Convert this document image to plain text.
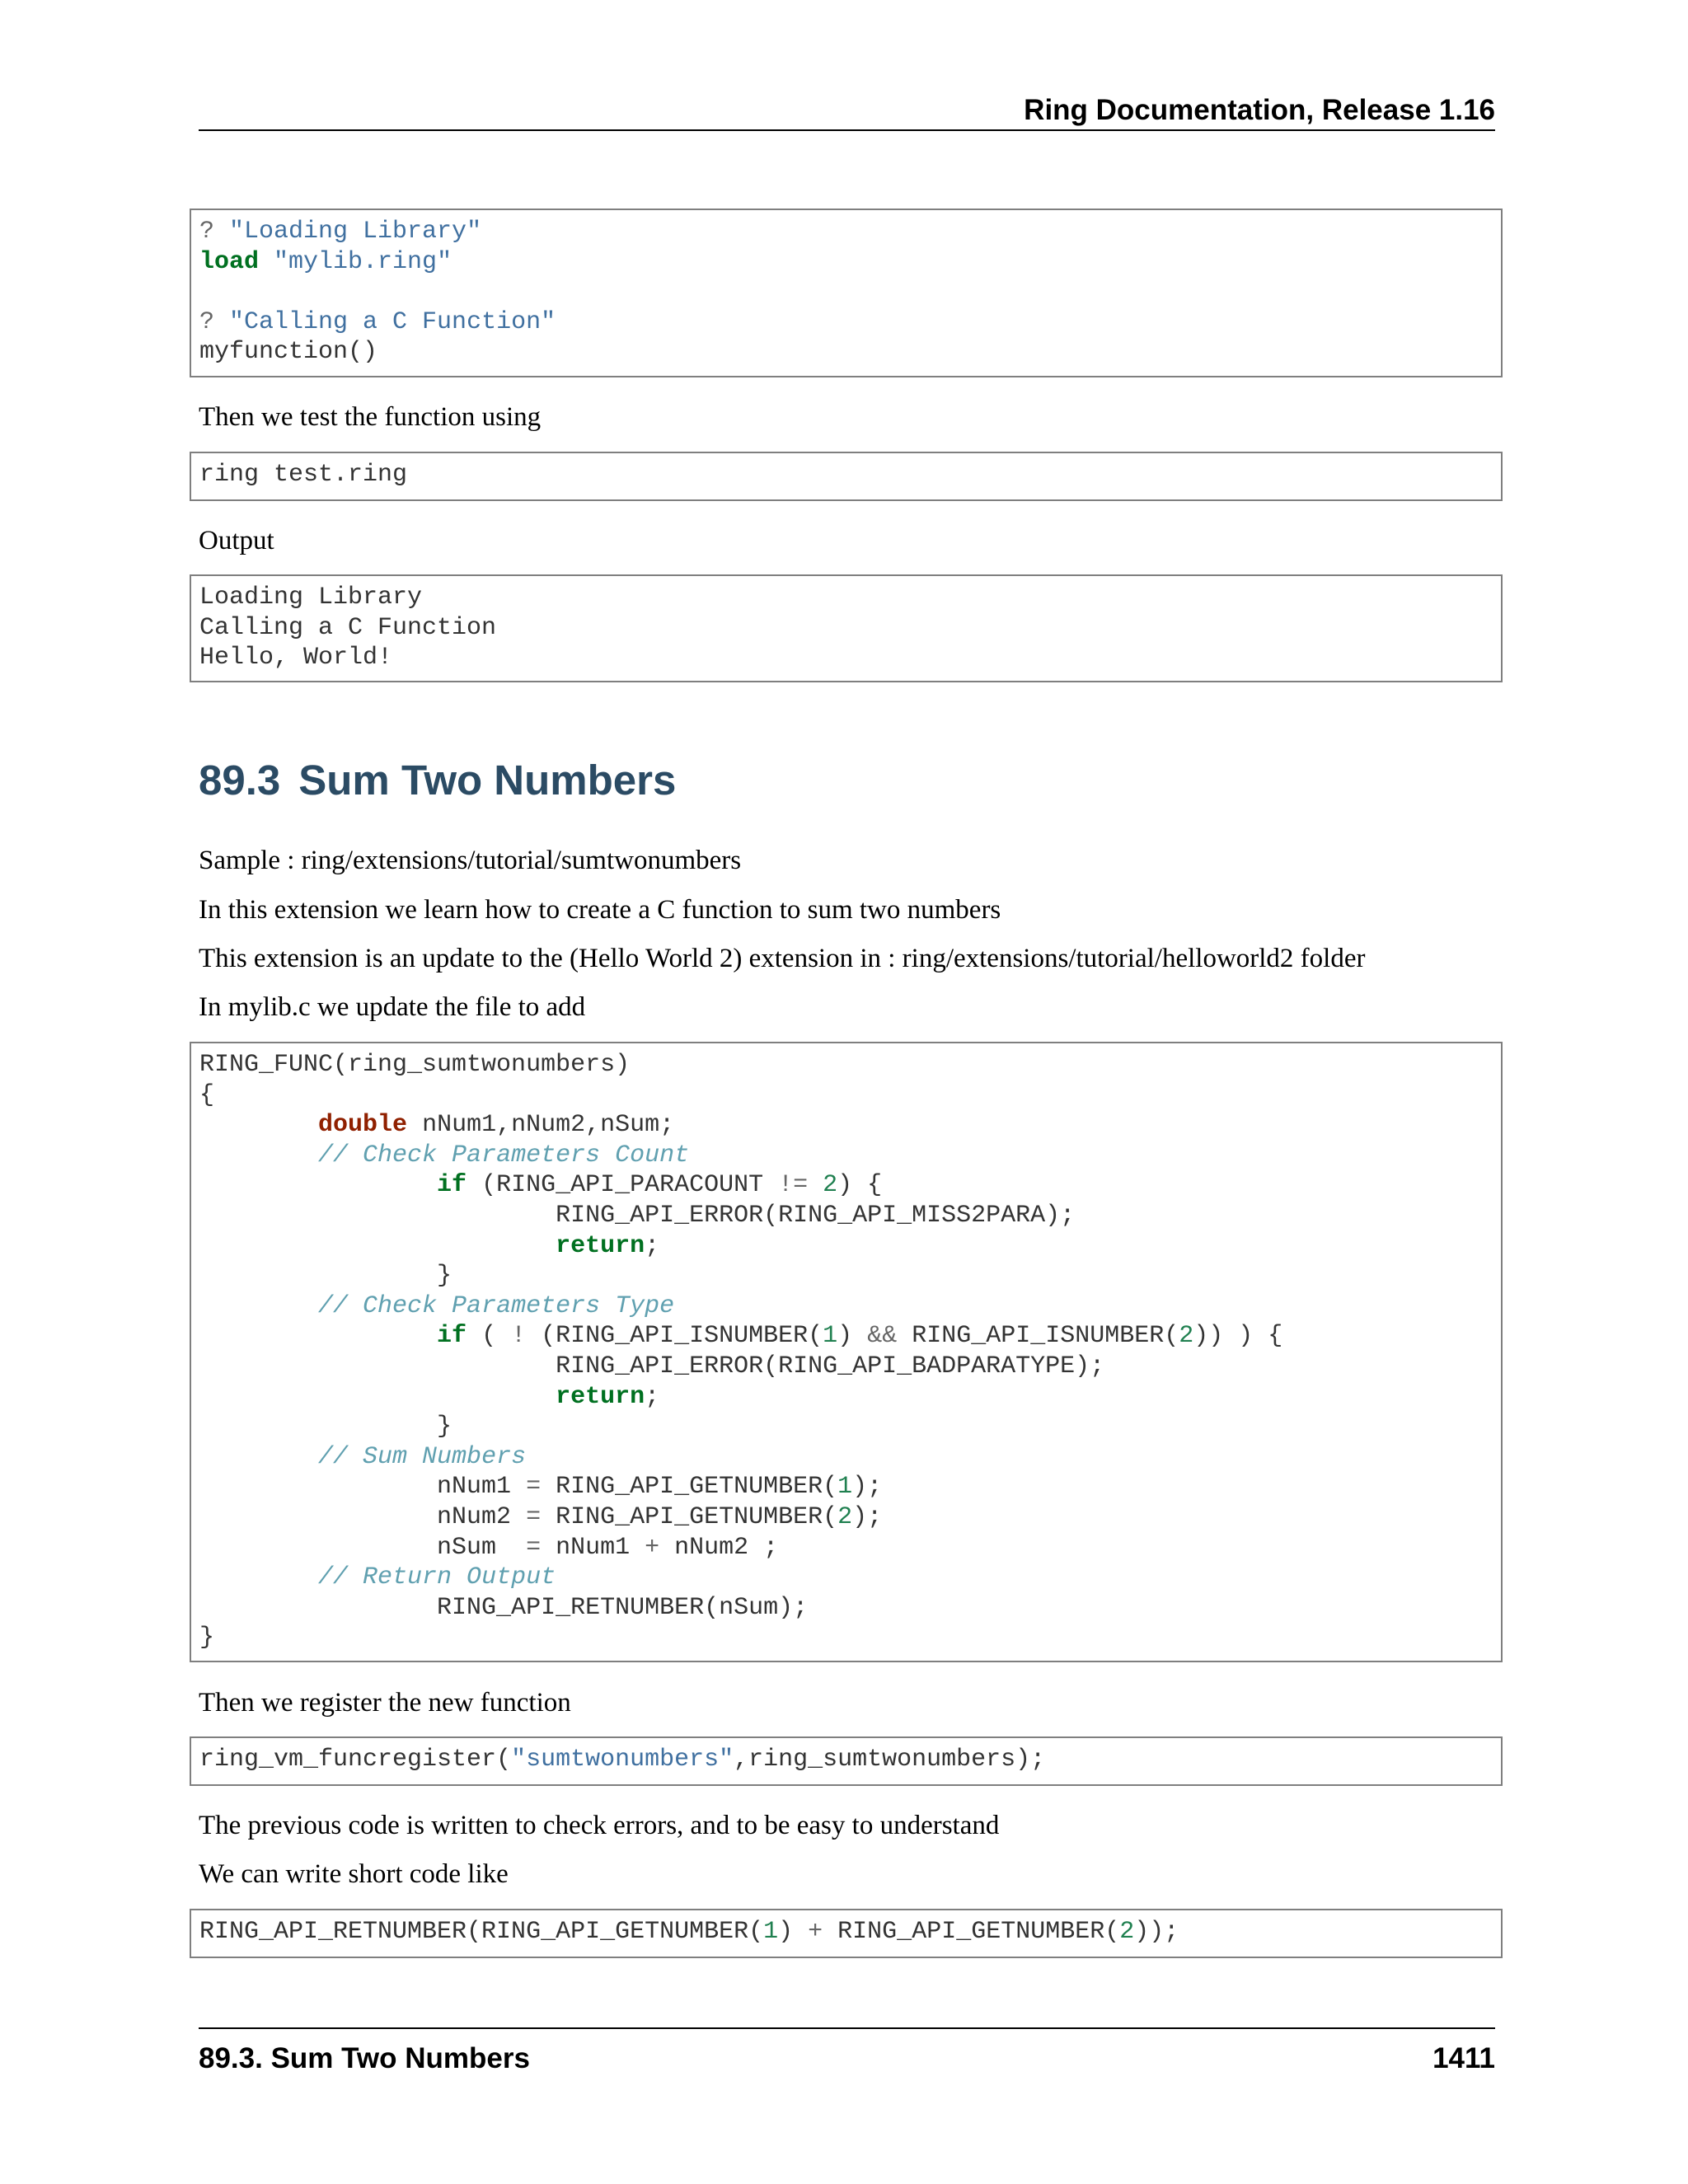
Ring Documentation, Release 1.16
? "Loading Library"
load "mylib.ring"
? "Calling a C Function"
myfunction()
Then we test the function using
ring test.ring
Output
Loading Library
Calling a C Function
Hello, World!
89.3 Sum Two Numbers
Sample : ring/extensions/tutorial/sumtwonumbers
In this extension we learn how to create a C function to sum two numbers
This extension is an update to the (Hello World 2) extension in : ring/extensions/tutorial/helloworld2 folder
In mylib.c we update the file to add
RING_FUNC(ring_sumtwonumbers)
{
double nNum1,nNum2,nSum;
// Check Parameters Count
if (RING_API_PARACOUNT != 2) {
RING_API_ERROR(RING_API_MISS2PARA);
return;
}
// Check Parameters Type
if ( ! (RING_API_ISNUMBER(1) && RING_API_ISNUMBER(2)) ) {
RING_API_ERROR(RING_API_BADPARATYPE);
return;
}
// Sum Numbers
nNum1 = RING_API_GETNUMBER(1);
nNum2 = RING_API_GETNUMBER(2);
nSum  = nNum1 + nNum2 ;
// Return Output
RING_API_RETNUMBER(nSum);
}
Then we register the new function
ring_vm_funcregister("sumtwonumbers",ring_sumtwonumbers);
The previous code is written to check errors, and to be easy to understand
We can write short code like
RING_API_RETNUMBER(RING_API_GETNUMBER(1) + RING_API_GETNUMBER(2));
89.3. Sum Two Numbers	1411
